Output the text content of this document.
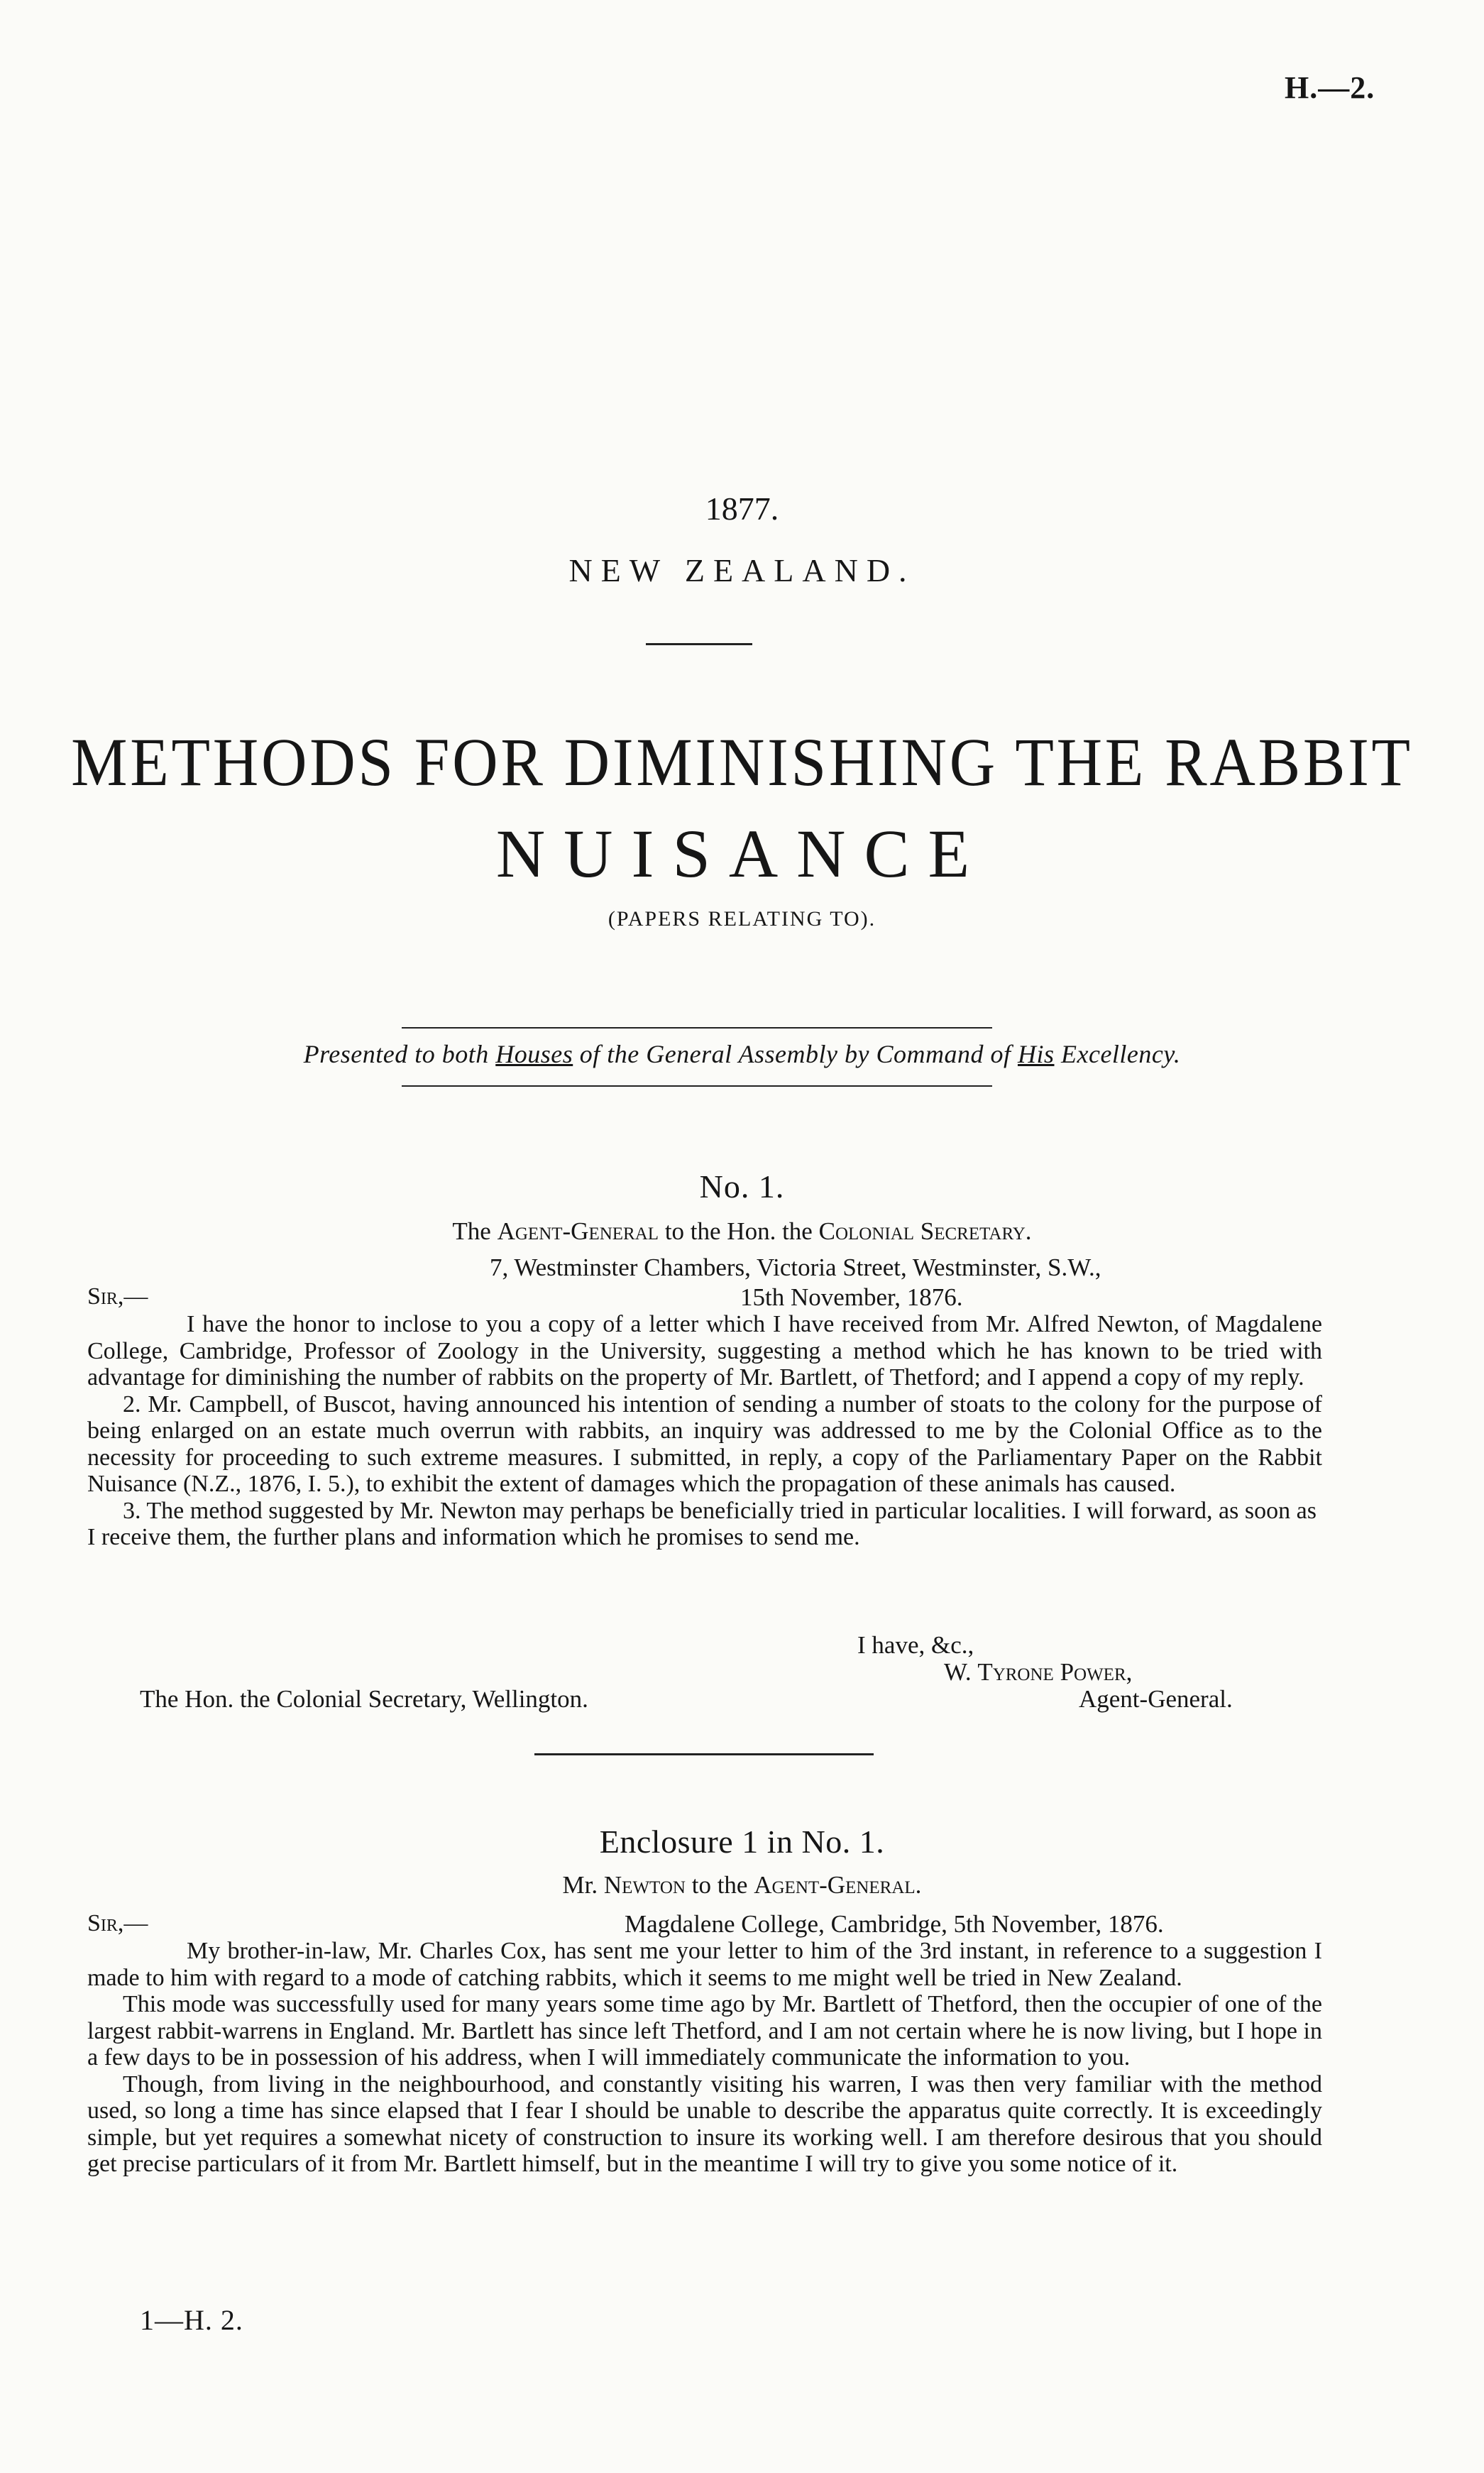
H.—2.
1877.
NEW ZEALAND.
METHODS FOR DIMINISHING THE RABBIT
NUISANCE
(PAPERS RELATING TO).
Presented to both Houses of the General Assembly by Command of His Excellency.
No. 1.
The Agent-General to the Hon. the Colonial Secretary.
7, Westminster Chambers, Victoria Street, Westminster, S.W.,
Sir,—	15th November, 1876.

I have the honor to inclose to you a copy of a letter which I have received from Mr. Alfred Newton, of Magdalene College, Cambridge, Professor of Zoology in the University, suggesting a method which he has known to be tried with advantage for diminishing the number of rabbits on the property of Mr. Bartlett, of Thetford; and I append a copy of my reply.

2. Mr. Campbell, of Buscot, having announced his intention of sending a number of stoats to the colony for the purpose of being enlarged on an estate much overrun with rabbits, an inquiry was addressed to me by the Colonial Office as to the necessity for proceeding to such extreme measures. I submitted, in reply, a copy of the Parliamentary Paper on the Rabbit Nuisance (N.Z., 1876, I. 5.), to exhibit the extent of damages which the propagation of these animals has caused.

3. The method suggested by Mr. Newton may perhaps be beneficially tried in particular localities. I will forward, as soon as I receive them, the further plans and information which he promises to send me.

I have, &c.,
W. Tyrone Power,
The Hon. the Colonial Secretary, Wellington.	Agent-General.
Enclosure 1 in No. 1.
Mr. Newton to the Agent-General.
Sir,—	Magdalene College, Cambridge, 5th November, 1876.

My brother-in-law, Mr. Charles Cox, has sent me your letter to him of the 3rd instant, in reference to a suggestion I made to him with regard to a mode of catching rabbits, which it seems to me might well be tried in New Zealand.

This mode was successfully used for many years some time ago by Mr. Bartlett of Thetford, then the occupier of one of the largest rabbit-warrens in England. Mr. Bartlett has since left Thetford, and I am not certain where he is now living, but I hope in a few days to be in possession of his address, when I will immediately communicate the information to you.

Though, from living in the neighbourhood, and constantly visiting his warren, I was then very familiar with the method used, so long a time has since elapsed that I fear I should be unable to describe the apparatus quite correctly. It is exceedingly simple, but yet requires a somewhat nicety of construction to insure its working well. I am therefore desirous that you should get precise particulars of it from Mr. Bartlett himself, but in the meantime I will try to give you some notice of it.

1—H. 2.
